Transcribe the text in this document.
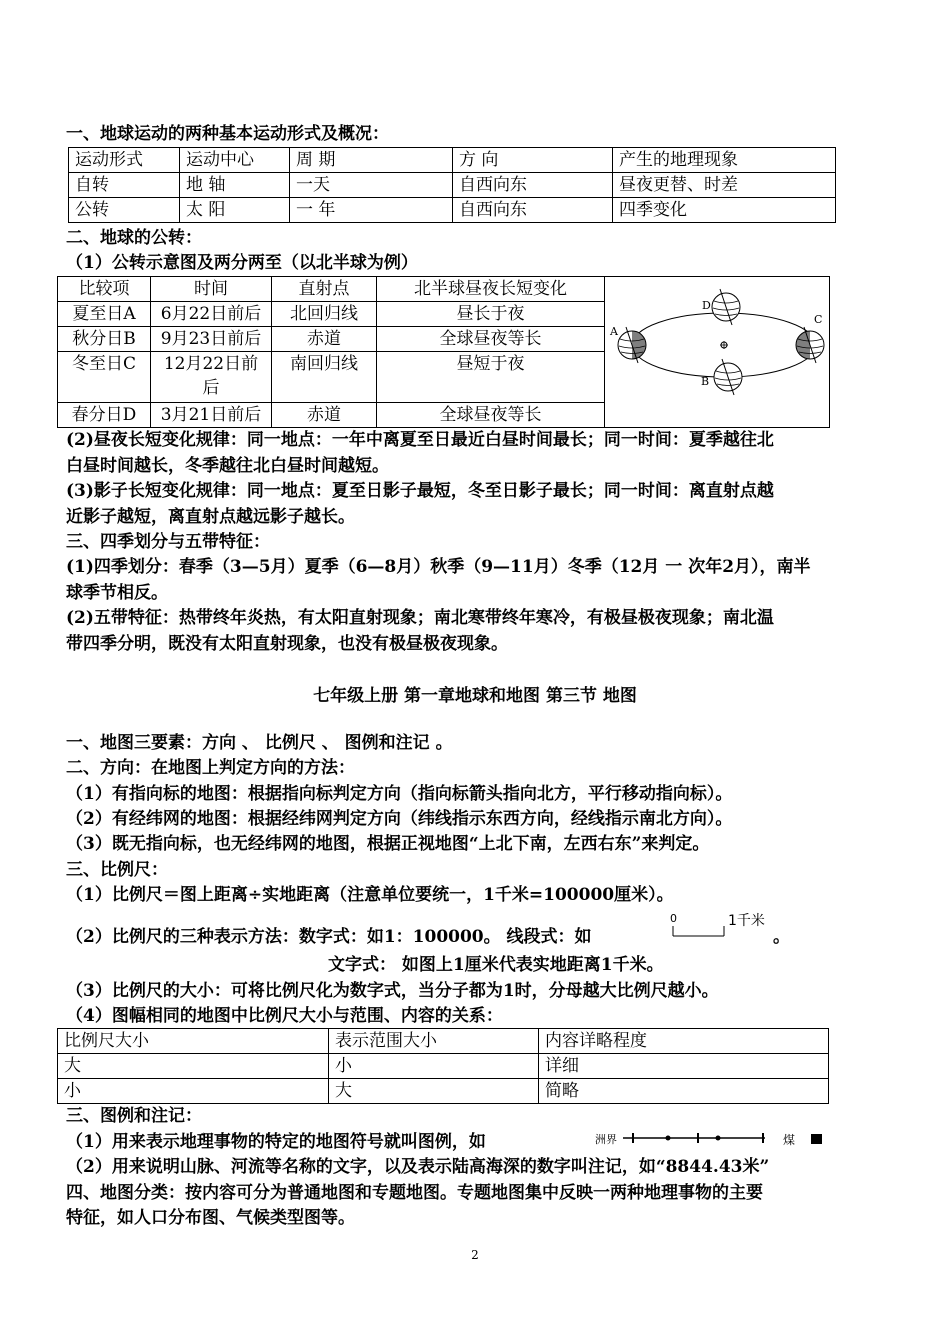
一、地球运动的两种基本运动形式及概况：
运动形式	运动中心	周 期	方 向	产生的地理现象
自转	地 轴	一天	自西向东	昼夜更替、时差
公转	太 阳	一 年	自西向东	四季变化
二、地球的公转：
（1）公转示意图及两分两至（以北半球为例）
比较项	时间	直射点	北半球昼夜长短变化
夏至日A	6月22日前后	北回归线	昼长于夜
秋分日B	9月23日前后	赤道	全球昼夜等长
冬至日C	12月22日前后	南回归线	昼短于夜
春分日D	3月21日前后	赤道	全球昼夜等长
A
B
C
D
(2)昼夜长短变化规律：同一地点：一年中离夏至日最近白昼时间最长；同一时间：夏季越往北
白昼时间越长，冬季越往北白昼时间越短。
(3)影子长短变化规律：同一地点：夏至日影子最短，冬至日影子最长；同一时间：离直射点越
近影子越短，离直射点越远影子越长。
三、四季划分与五带特征：
(1)四季划分：春季（3—5月）夏季（6—8月）秋季（9—11月）冬季（12月 一 次年2月），南半
球季节相反。
(2)五带特征：热带终年炎热，有太阳直射现象；南北寒带终年寒冷，有极昼极夜现象；南北温
带四季分明，既没有太阳直射现象，也没有极昼极夜现象。
七年级上册 第一章地球和地图 第三节 地图
一、地图三要素：方向 、 比例尺 、 图例和注记 。
二、方向：在地图上判定方向的方法：
（1）有指向标的地图：根据指向标判定方向（指向标箭头指向北方，平行移动指向标）。
（2）有经纬网的地图：根据经纬网判定方向（纬线指示东西方向，经线指示南北方向）。
（3）既无指向标，也无经纬网的地图，根据正视地图“上北下南，左西右东”来判定。
三、比例尺：
（1）比例尺＝图上距离÷实地距离（注意单位要统一，1千米=100000厘米）。
（2）比例尺的三种表示方法：数字式：如1：100000。 线段式：如
0	1千米
。
文字式： 如图上1厘米代表实地距离1千米。
（3）比例尺的大小：可将比例尺化为数字式，当分子都为1时，分母越大比例尺越小。
（4）图幅相同的地图中比例尺大小与范围、内容的关系：
比例尺大小	表示范围大小	内容详略程度
大	小	详细
小	大	简略
三、图例和注记：
（1）用来表示地理事物的特定的地图符号就叫图例，如	洲界	煤
（2）用来说明山脉、河流等名称的文字，以及表示陆高海深的数字叫注记，如“8844.43米”
四、地图分类：按内容可分为普通地图和专题地图。专题地图集中反映一两种地理事物的主要
特征，如人口分布图、气候类型图等。
2
